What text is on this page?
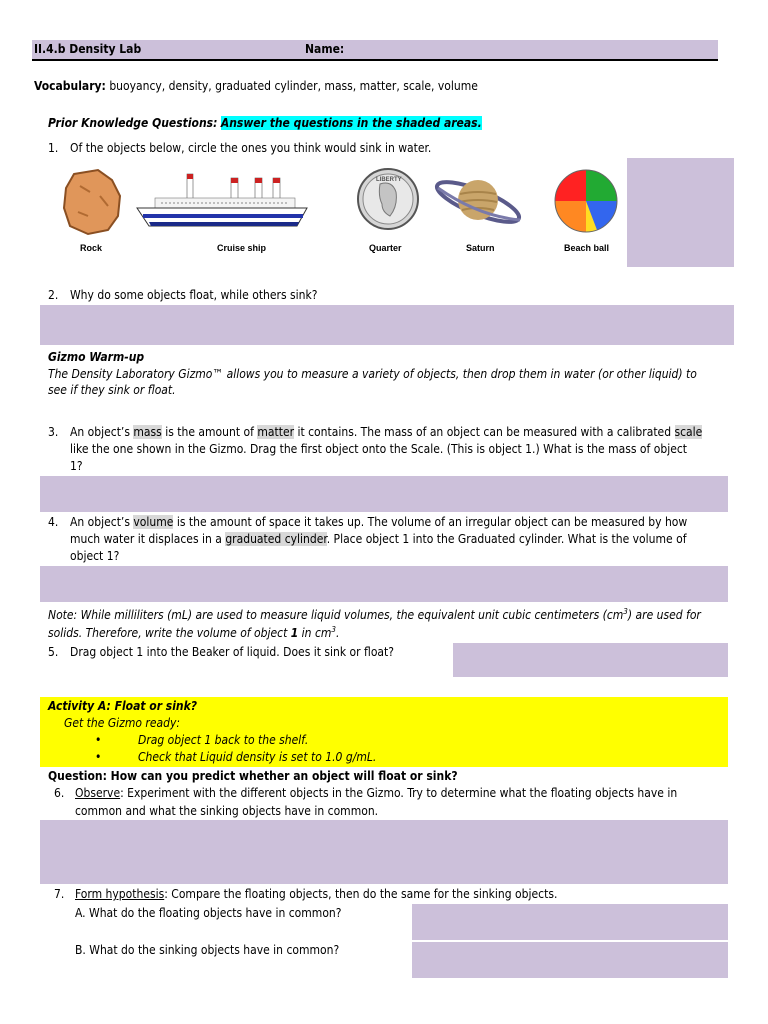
II.4.b Density Lab	Name:
Vocabulary: buoyancy, density, graduated cylinder, mass, matter, scale, volume
Prior Knowledge Questions: Answer the questions in the shaded areas.
1. Of the objects below, circle the ones you think would sink in water.
Rock	Cruise ship
LIBERTY
Quarter	Saturn	Beach ball
2. Why do some objects float, while others sink?
Gizmo Warm-up
The Density Laboratory Gizmo™ allows you to measure a variety of objects, then drop them in water (or other liquid) to
see if they sink or float.
3. An object’s mass is the amount of matter it contains. The mass of an object can be measured with a calibrated scale
like the one shown in the Gizmo. Drag the first object onto the Scale. (This is object 1.) What is the mass of object
1?
4. An object’s volume is the amount of space it takes up. The volume of an irregular object can be measured by how
much water it displaces in a graduated cylinder. Place object 1 into the Graduated cylinder. What is the volume of
object 1?
Note: While milliliters (mL) are used to measure liquid volumes, the equivalent unit cubic centimeters $(cm^3)$ are used for
solids. Therefore, write the volume of object 1 in $cm^3$.
5. Drag object 1 into the Beaker of liquid. Does it sink or float?
Activity A: Float or sink?
Get the Gizmo ready:
•	Drag object 1 back to the shelf.
•	Check that Liquid density is set to 1.0 g/mL.
Question: How can you predict whether an object will float or sink?
6. Observe: Experiment with the different objects in the Gizmo. Try to determine what the floating objects have in
common and what the sinking objects have in common.
7. Form hypothesis: Compare the floating objects, then do the same for the sinking objects.
A. What do the floating objects have in common?
B. What do the sinking objects have in common?
